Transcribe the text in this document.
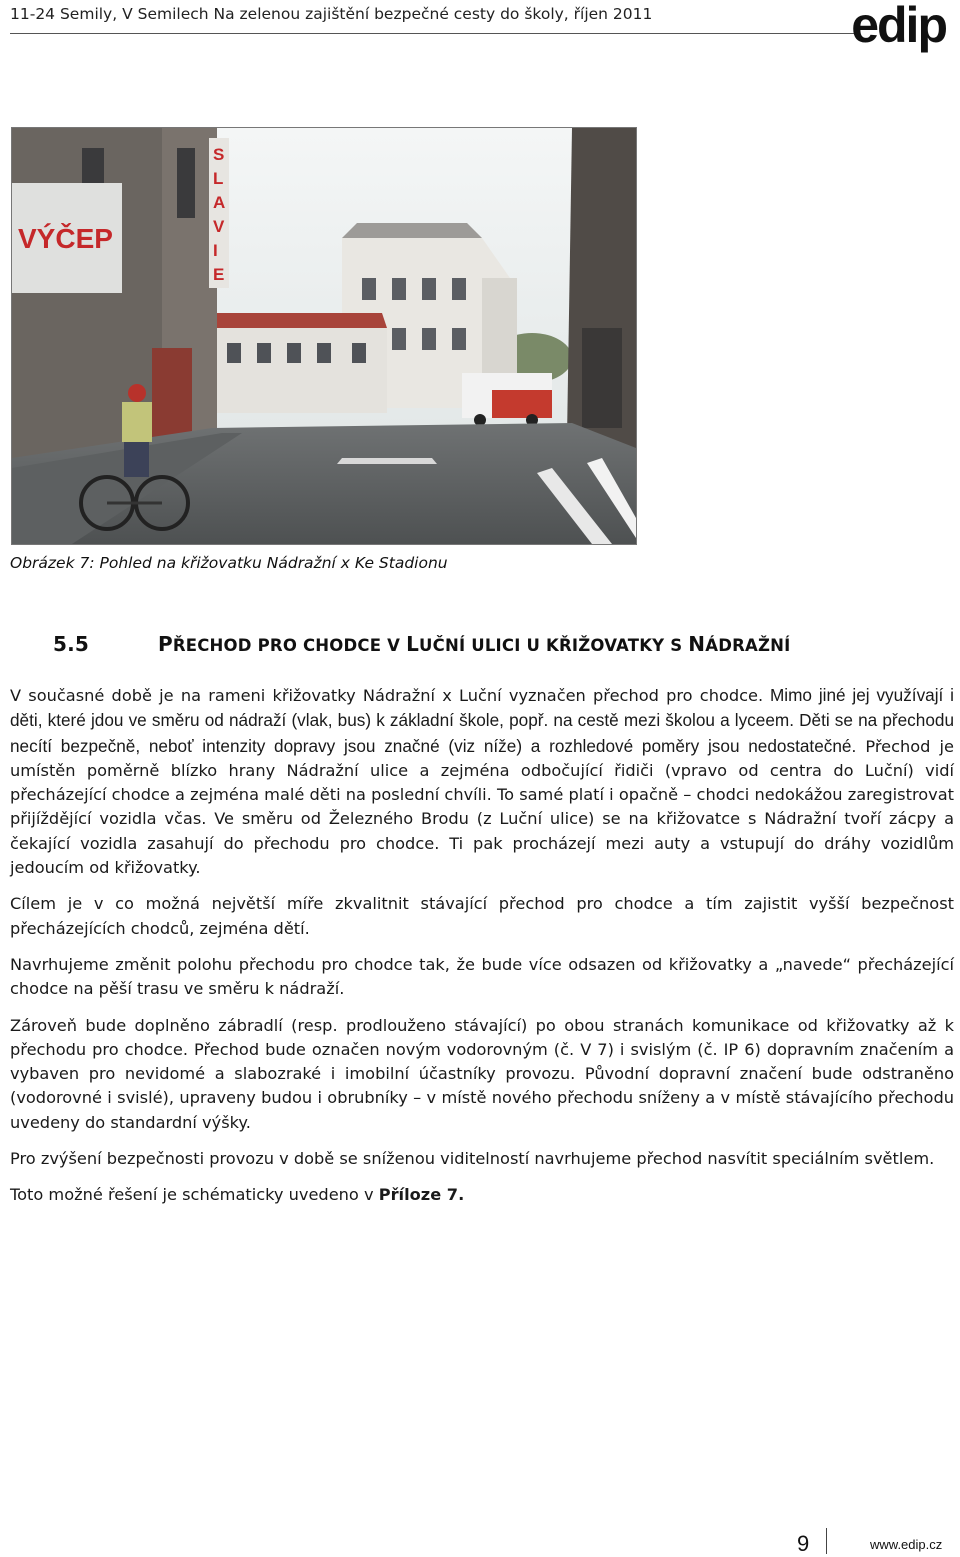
11-24 Semily, V Semilech Na zelenou zajištění bezpečné cesty do školy, říjen 2011	edip
VÝČEP
S
L
A
V
I
E
Obrázek 7: Pohled na křižovatku Nádražní x Ke Stadionu
5.5	PŘECHOD PRO CHODCE V LUČNÍ ULICI U KŘIŽOVATKY S NÁDRAŽNÍ

V současné době je na rameni křižovatky Nádražní x Luční vyznačen přechod pro chodce. Mimo jiné jej využívají i děti, které jdou ve směru od nádraží (vlak, bus) k základní škole, popř. na cestě mezi školou a lyceem. Děti se na přechodu necítí bezpečně, neboť intenzity dopravy jsou značné (viz níže) a rozhledové poměry jsou nedostatečné. Přechod je umístěn poměrně blízko hrany Nádražní ulice a zejména odbočující řidiči (vpravo od centra do Luční) vidí přecházející chodce a zejména malé děti na poslední chvíli. To samé platí i opačně – chodci nedokážou zaregistrovat přijíždějící vozidla včas. Ve směru od Železného Brodu (z Luční ulice) se na křižovatce s Nádražní tvoří zácpy a čekající vozidla zasahují do přechodu pro chodce. Ti pak procházejí mezi auty a vstupují do dráhy vozidlům jedoucím od křižovatky.

Cílem je v co možná největší míře zkvalitnit stávající přechod pro chodce a tím zajistit vyšší bezpečnost přecházejících chodců, zejména dětí.

Navrhujeme změnit polohu přechodu pro chodce tak, že bude více odsazen od křižovatky a „navede“ přecházející chodce na pěší trasu ve směru k nádraží.

Zároveň bude doplněno zábradlí (resp. prodlouženo stávající) po obou stranách komunikace od křižovatky až k přechodu pro chodce. Přechod bude označen novým vodorovným (č. V 7) i svislým (č. IP 6) dopravním značením a vybaven pro nevidomé a slabozraké i imobilní účastníky provozu. Původní dopravní značení bude odstraněno (vodorovné i svislé), upraveny budou i obrubníky – v místě nového přechodu sníženy a v místě stávajícího přechodu uvedeny do standardní výšky.

Pro zvýšení bezpečnosti provozu v době se sníženou viditelností navrhujeme přechod nasvítit speciálním světlem.

Toto možné řešení je schématicky uvedeno v Příloze 7.

9	www.edip.cz
